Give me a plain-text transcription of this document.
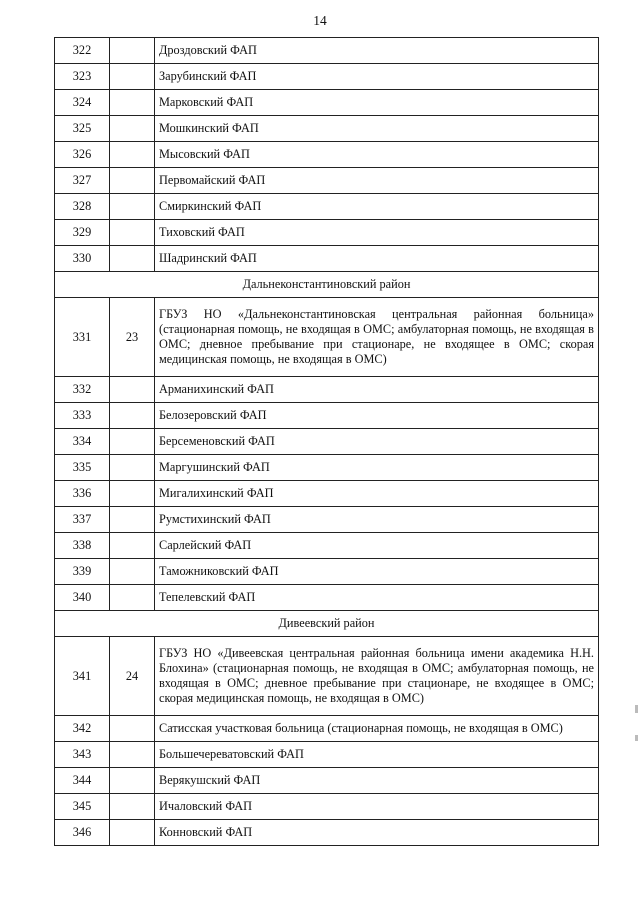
14
322		Дроздовский ФАП
323		Зарубинский ФАП
324		Марковский ФАП
325		Мошкинский ФАП
326		Мысовский ФАП
327		Первомайский ФАП
328		Смиркинский ФАП
329		Тиховский ФАП
330		Шадринский ФАП
Дальнеконстантиновский район		
331	23	ГБУЗ НО «Дальнеконстантиновская центральная районная больница» (стационарная помощь, не входящая в ОМС; амбулаторная помощь, не входящая в ОМС; дневное пребывание при стационаре, не входящее в ОМС; скорая медицинская помощь, не входящая в ОМС)
332		Арманихинский ФАП
333		Белозеровский ФАП
334		Берсеменовский ФАП
335		Маргушинский ФАП
336		Мигалихинский ФАП
337		Румстихинский ФАП
338		Сарлейский ФАП
339		Таможниковский ФАП
340		Тепелевский ФАП
Дивеевский район		
341	24	ГБУЗ НО «Дивеевская центральная районная больница имени академика Н.Н. Блохина» (стационарная помощь, не входящая в ОМС; амбулаторная помощь, не входящая в ОМС; дневное пребывание при стационаре, не входящее в ОМС; скорая медицинская помощь, не входящая в ОМС)
342		Сатисская участковая больница (стационарная помощь, не входящая в ОМС)
343		Большечереватовский ФАП
344		Верякушский ФАП
345		Ичаловский ФАП
346		Конновский ФАП
